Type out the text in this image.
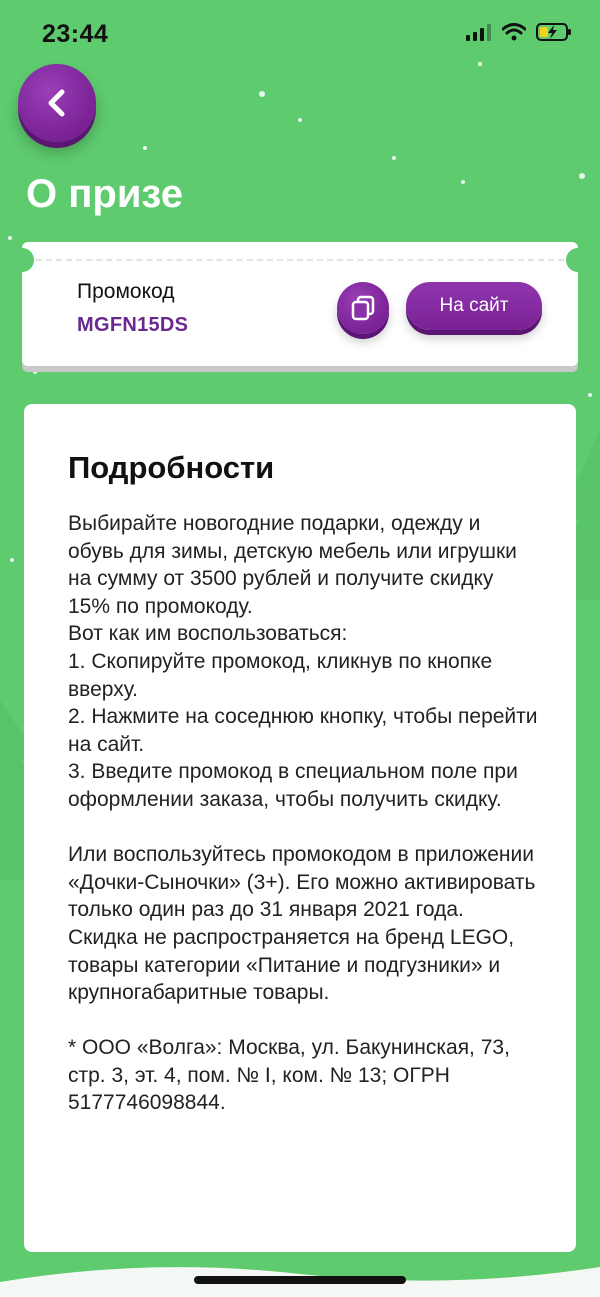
23:44
О призе
Промокод
MGFN15DS
На сайт
Подробности

Выбирайте новогодние подарки, одежду и обувь для зимы, детскую мебель или игрушки на сумму от 3500 рублей и получите скидку 15% по промокоду.

Вот как им воспользоваться:

1. Скопируйте промокод, кликнув по кнопке вверху.

2. Нажмите на соседнюю кнопку, чтобы перейти на сайт.

3. Введите промокод в специальном поле при оформлении заказа, чтобы получить скидку.

Или воспользуйтесь промокодом в приложении «Дочки-Сыночки» (3+). Его можно активировать только один раз до 31 января 2021 года. Скидка не распространяется на бренд LEGO, товары категории «Питание и подгузники» и крупногабаритные товары.

* ООО «Волга»: Москва, ул. Бакунинская, 73, стр. 3, эт. 4, пом. № I, ком. № 13; ОГРН 5177746098844.
